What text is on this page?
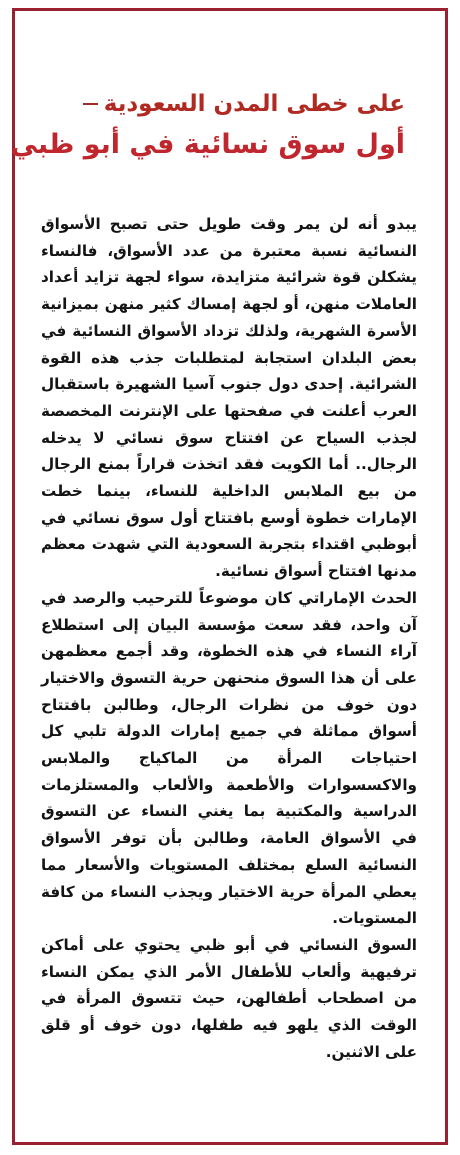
على خطى المدن السعودية
أول سوق نسائية في أبو ظبي

يبدو أنه لن يمر وقت طويل حتى تصبح الأسواق النسائية نسبة معتبرة من عدد الأسواق، فالنساء يشكلن قوة شرائية متزايدة، سواء لجهة تزايد أعداد العاملات منهن، أو لجهة إمساك كثير منهن بميزانية الأسرة الشهرية، ولذلك تزداد الأسواق النسائية في بعض البلدان استجابة لمتطلبات جذب هذه القوة الشرائية. إحدى دول جنوب آسيا الشهيرة باستقبال العرب أعلنت في صفحتها على الإنترنت المخصصة لجذب السياح عن افتتاح سوق نسائي لا يدخله الرجال.. أما الكويت فقد اتخذت قراراً بمنع الرجال من بيع الملابس الداخلية للنساء، بينما خطت الإمارات خطوة أوسع بافتتاح أول سوق نسائي في أبوظبي اقتداء بتجربة السعودية التي شهدت معظم مدنها افتتاح أسواق نسائية.

الحدث الإماراتي كان موضوعاً للترحيب والرصد في آن واحد، فقد سعت مؤسسة البيان إلى استطلاع آراء النساء في هذه الخطوة، وقد أجمع معظمهن على أن هذا السوق منحنهن حرية التسوق والاختيار دون خوف من نظرات الرجال، وطالبن بافتتاح أسواق مماثلة في جميع إمارات الدولة تلبي كل احتياجات المرأة من الماكياج والملابس والاكسسوارات والأطعمة والألعاب والمستلزمات الدراسية والمكتبية بما يغني النساء عن التسوق في الأسواق العامة، وطالبن بأن توفر الأسواق النسائية السلع بمختلف المستويات والأسعار مما يعطي المرأة حرية الاختيار ويجذب النساء من كافة المستويات.

السوق النسائي في أبو ظبي يحتوي على أماكن ترفيهية وألعاب للأطفال الأمر الذي يمكن النساء من اصطحاب أطفالهن، حيث تتسوق المرأة في الوقت الذي يلهو فيه طفلها، دون خوف أو قلق على الاثنين.
